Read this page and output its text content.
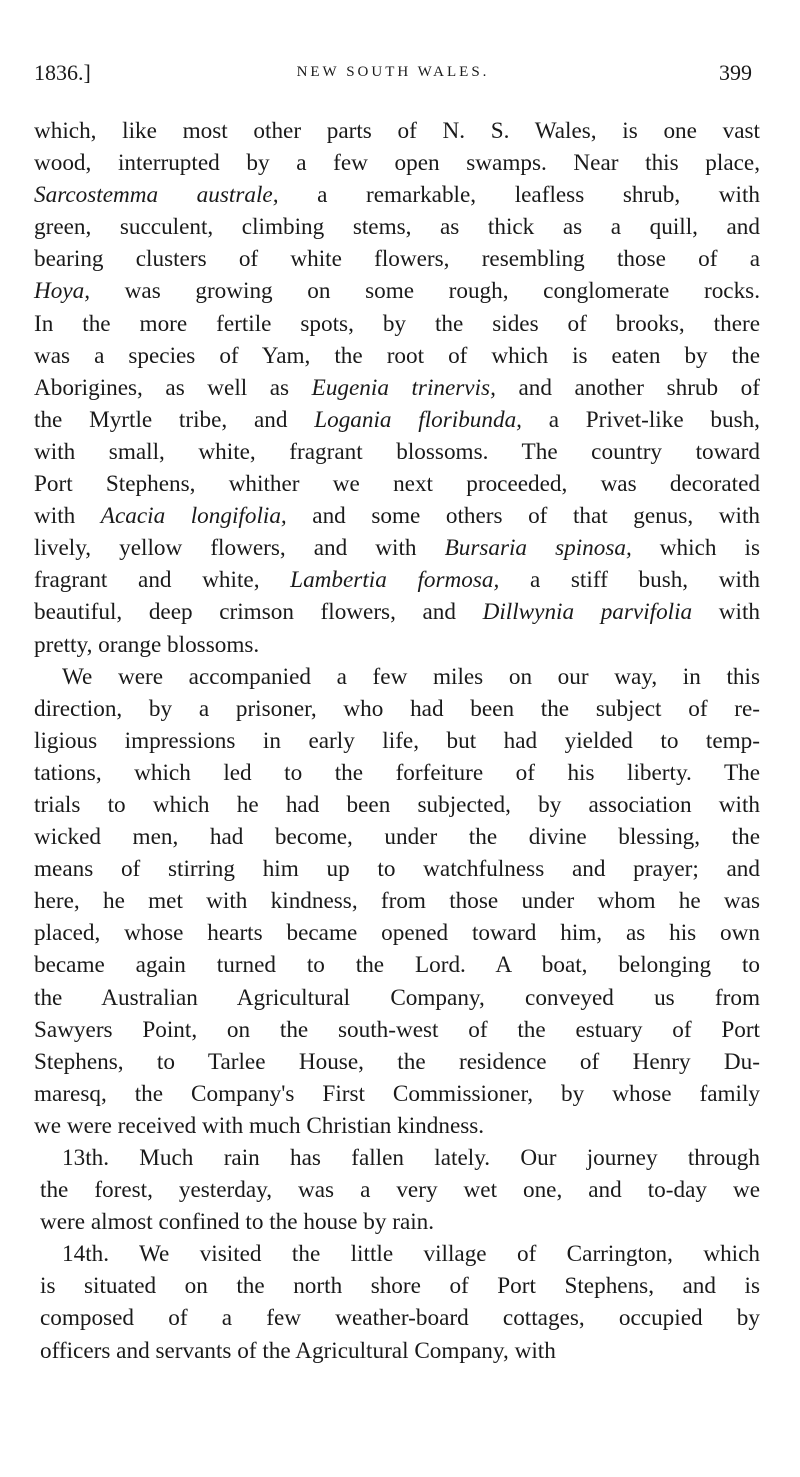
1836.]	NEW SOUTH WALES.	399
which, like most other parts of N. S. Wales, is one vast
wood, interrupted by a few open swamps. Near this place,
Sarcostemma australe, a remarkable, leafless shrub, with
green, succulent, climbing stems, as thick as a quill, and
bearing clusters of white flowers, resembling those of a
Hoya, was growing on some rough, conglomerate rocks.
In the more fertile spots, by the sides of brooks, there
was a species of Yam, the root of which is eaten by the
Aborigines, as well as Eugenia trinervis, and another shrub of
the Myrtle tribe, and Logania floribunda, a Privet-like bush,
with small, white, fragrant blossoms. The country toward
Port Stephens, whither we next proceeded, was decorated
with Acacia longifolia, and some others of that genus, with
lively, yellow flowers, and with Bursaria spinosa, which is
fragrant and white, Lambertia formosa, a stiff bush, with
beautiful, deep crimson flowers, and Dillwynia parvifolia with
pretty, orange blossoms.
We were accompanied a few miles on our way, in this
direction, by a prisoner, who had been the subject of re-
ligious impressions in early life, but had yielded to temp-
tations, which led to the forfeiture of his liberty. The
trials to which he had been subjected, by association with
wicked men, had become, under the divine blessing, the
means of stirring him up to watchfulness and prayer; and
here, he met with kindness, from those under whom he was
placed, whose hearts became opened toward him, as his own
became again turned to the Lord. A boat, belonging to
the Australian Agricultural Company, conveyed us from
Sawyers Point, on the south-west of the estuary of Port
Stephens, to Tarlee House, the residence of Henry Du-
maresq, the Company's First Commissioner, by whose family
we were received with much Christian kindness.
13th. Much rain has fallen lately. Our journey through
the forest, yesterday, was a very wet one, and to-day we
were almost confined to the house by rain.
14th. We visited the little village of Carrington, which
is situated on the north shore of Port Stephens, and is
composed of a few weather-board cottages, occupied by
officers and servants of the Agricultural Company, with
